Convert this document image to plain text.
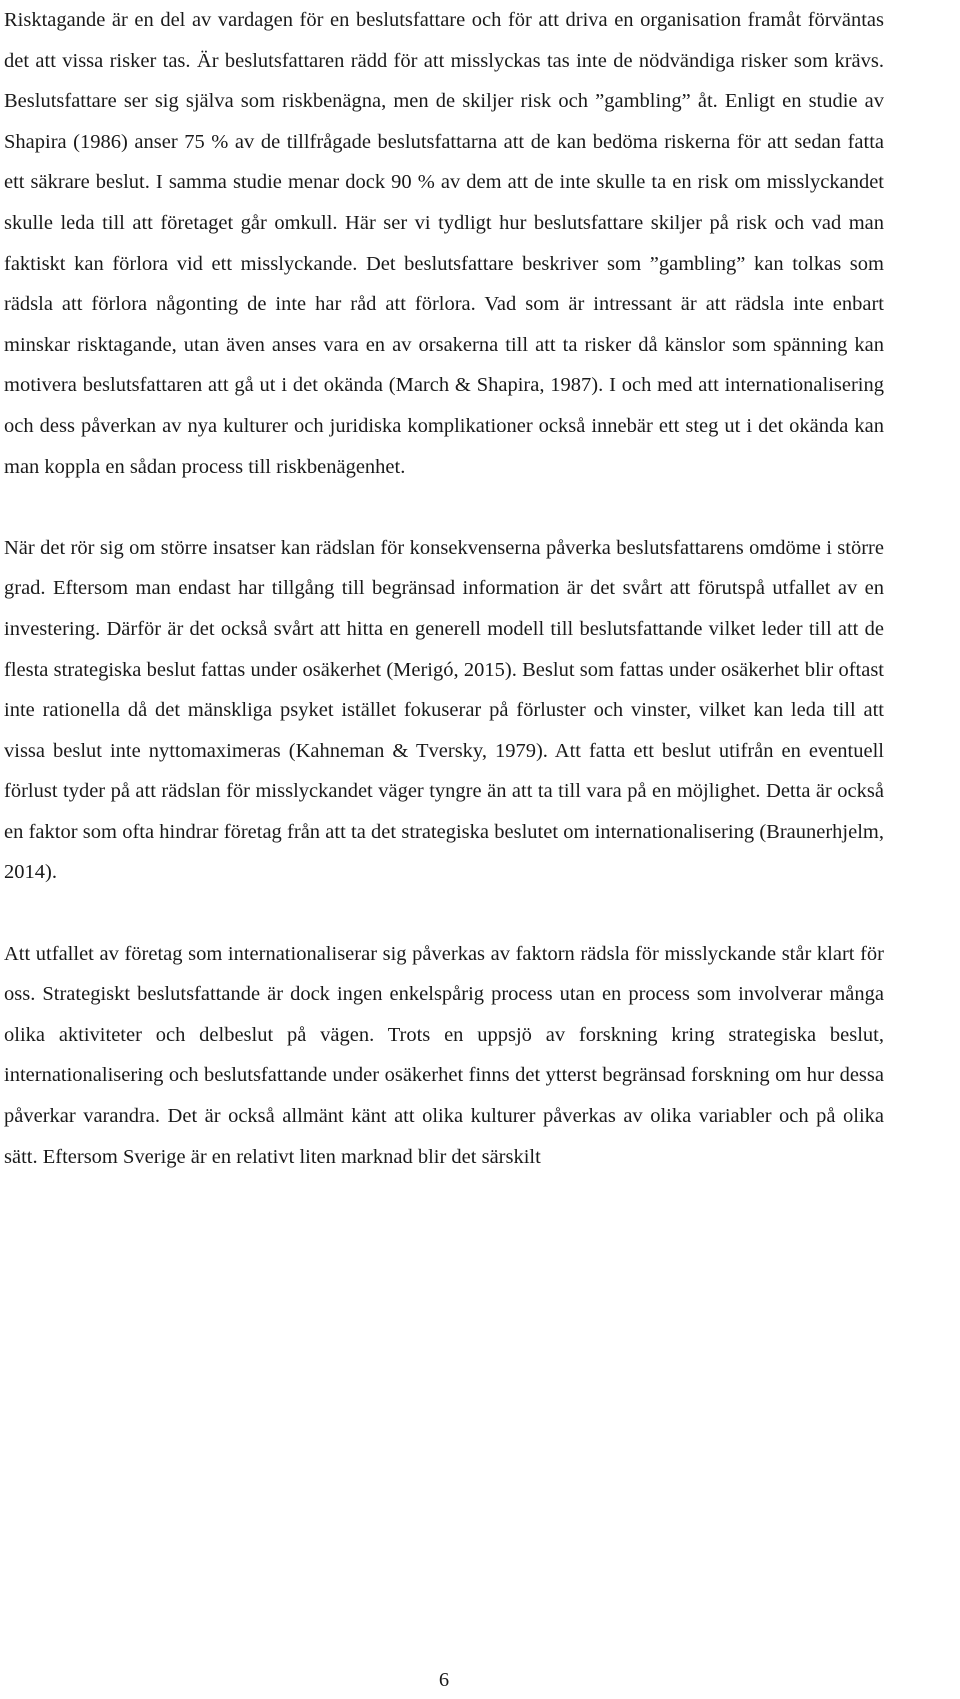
Risktagande är en del av vardagen för en beslutsfattare och för att driva en organisation framåt förväntas det att vissa risker tas. Är beslutsfattaren rädd för att misslyckas tas inte de nödvändiga risker som krävs. Beslutsfattare ser sig själva som riskbenägna, men de skiljer risk och ”gambling” åt. Enligt en studie av Shapira (1986) anser 75 % av de tillfrågade beslutsfattarna att de kan bedöma riskerna för att sedan fatta ett säkrare beslut. I samma studie menar dock 90 % av dem att de inte skulle ta en risk om misslyckandet skulle leda till att företaget går omkull. Här ser vi tydligt hur beslutsfattare skiljer på risk och vad man faktiskt kan förlora vid ett misslyckande. Det beslutsfattare beskriver som ”gambling” kan tolkas som rädsla att förlora någonting de inte har råd att förlora. Vad som är intressant är att rädsla inte enbart minskar risktagande, utan även anses vara en av orsakerna till att ta risker då känslor som spänning kan motivera beslutsfattaren att gå ut i det okända (March & Shapira, 1987). I och med att internationalisering och dess påverkan av nya kulturer och juridiska komplikationer också innebär ett steg ut i det okända kan man koppla en sådan process till riskbenägenhet.

När det rör sig om större insatser kan rädslan för konsekvenserna påverka beslutsfattarens omdöme i större grad. Eftersom man endast har tillgång till begränsad information är det svårt att förutspå utfallet av en investering. Därför är det också svårt att hitta en generell modell till beslutsfattande vilket leder till att de flesta strategiska beslut fattas under osäkerhet (Merigó, 2015). Beslut som fattas under osäkerhet blir oftast inte rationella då det mänskliga psyket istället fokuserar på förluster och vinster, vilket kan leda till att vissa beslut inte nyttomaximeras (Kahneman & Tversky, 1979). Att fatta ett beslut utifrån en eventuell förlust tyder på att rädslan för misslyckandet väger tyngre än att ta till vara på en möjlighet. Detta är också en faktor som ofta hindrar företag från att ta det strategiska beslutet om internationalisering (Braunerhjelm, 2014).

Att utfallet av företag som internationaliserar sig påverkas av faktorn rädsla för misslyckande står klart för oss. Strategiskt beslutsfattande är dock ingen enkelspårig process utan en process som involverar många olika aktiviteter och delbeslut på vägen. Trots en uppsjö av forskning kring strategiska beslut, internationalisering och beslutsfattande under osäkerhet finns det ytterst begränsad forskning om hur dessa påverkar varandra. Det är också allmänt känt att olika kulturer påverkas av olika variabler och på olika sätt. Eftersom Sverige är en relativt liten marknad blir det särskilt

6
